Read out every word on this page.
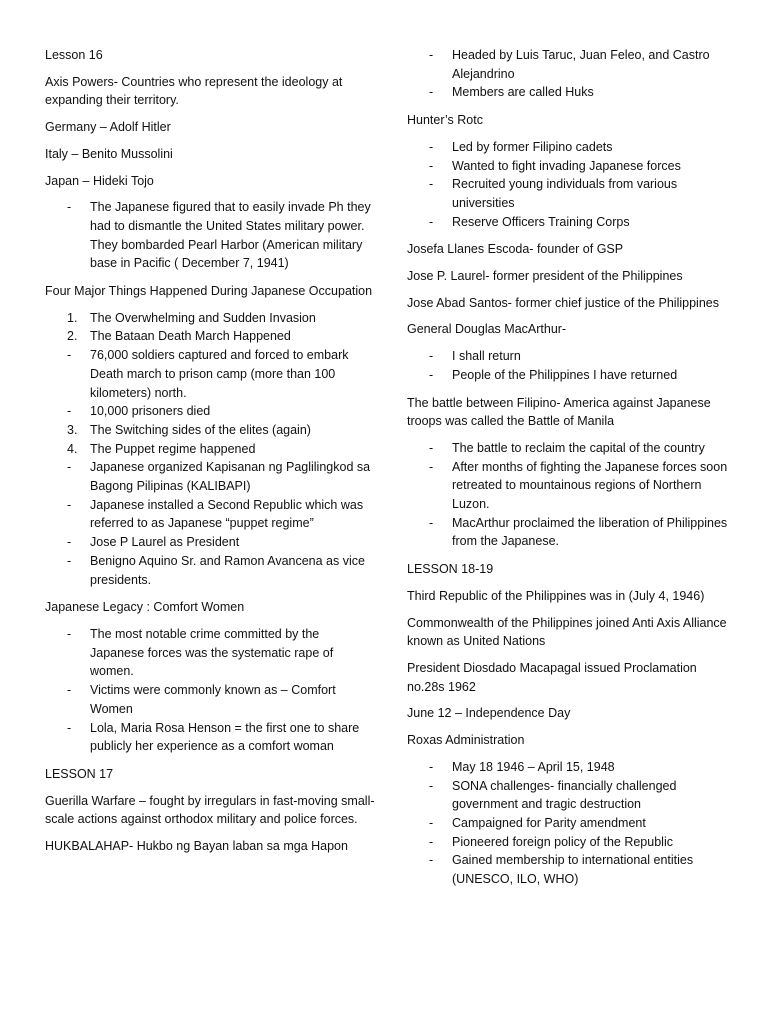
Lesson 16

Axis Powers- Countries who represent the ideology at expanding their territory.

Germany – Adolf Hitler

Italy – Benito Mussolini

Japan – Hideki Tojo

- The Japanese figured that to easily invade Ph they had to dismantle the United States military power. They bombarded Pearl Harbor (American military base in Pacific ( December 7, 1941)

Four Major Things Happened During Japanese Occupation

1. The Overwhelming and Sudden Invasion
2. The Bataan Death March Happened
- 76,000 soldiers captured and forced to embark Death march to prison camp (more than 100 kilometers) north.
- 10,000 prisoners died
3. The Switching sides of the elites (again)
4. The Puppet regime happened
- Japanese organized Kapisanan ng Paglilingkod sa Bagong Pilipinas (KALIBAPI)
- Japanese installed a Second Republic which was referred to as Japanese “puppet regime”
- Jose P Laurel as President
- Benigno Aquino Sr. and Ramon Avancena as vice presidents.

Japanese Legacy : Comfort Women

- The most notable crime committed by the Japanese forces was the systematic rape of women.
- Victims were commonly known as – Comfort Women
- Lola, Maria Rosa Henson = the first one to share publicly her experience as a comfort woman

LESSON 17

Guerilla Warfare – fought by irregulars in fast-moving small-scale actions against orthodox military and police forces.

HUKBALAHAP- Hukbo ng Bayan laban sa mga Hapon

- Headed by Luis Taruc, Juan Feleo, and Castro Alejandrino
- Members are called Huks

Hunter’s Rotc

- Led by former Filipino cadets
- Wanted to fight invading Japanese forces
- Recruited young individuals from various universities
- Reserve Officers Training Corps

Josefa Llanes Escoda- founder of GSP

Jose P. Laurel- former president of the Philippines

Jose Abad Santos- former chief justice of the Philippines

General Douglas MacArthur-

- I shall return
- People of the Philippines I have returned

The battle between Filipino- America against Japanese troops was called the Battle of Manila

- The battle to reclaim the capital of the country
- After months of fighting the Japanese forces soon retreated to mountainous regions of Northern Luzon.
- MacArthur proclaimed the liberation of Philippines from the Japanese.

LESSON 18-19

Third Republic of the Philippines was in (July 4, 1946)

Commonwealth of the Philippines joined Anti Axis Alliance known as United Nations

President Diosdado Macapagal issued Proclamation no.28s 1962

June 12 – Independence Day

Roxas Administration

- May 18 1946 – April 15, 1948
- SONA challenges- financially challenged government and tragic destruction
- Campaigned for Parity amendment
- Pioneered foreign policy of the Republic
- Gained membership to international entities (UNESCO, ILO, WHO)
